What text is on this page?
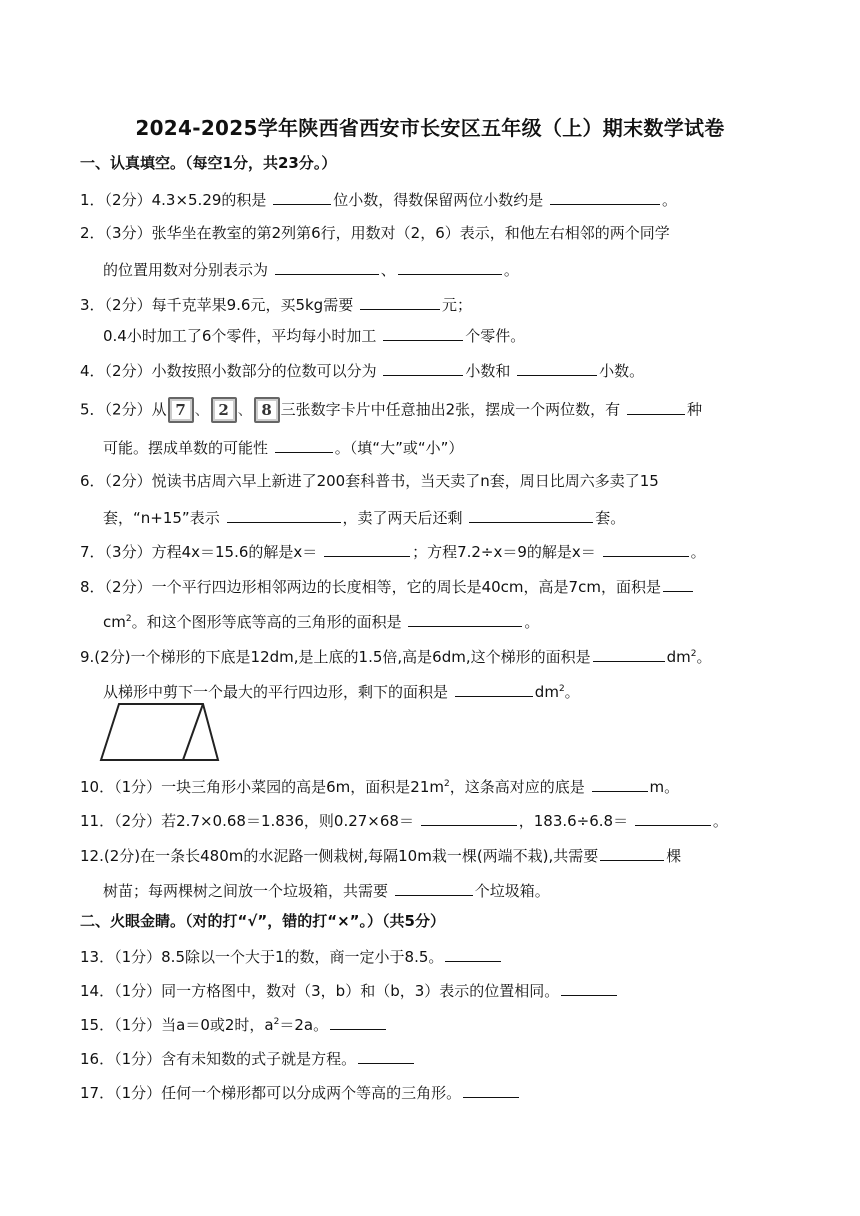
2024-2025学年陕西省西安市长安区五年级（上）期末数学试卷
一、认真填空。（每空1分，共23分。）
1．（2分）4.3×5.29的积是	位小数，得数保留两位小数约是	。
2．（3分）张华坐在教室的第2列第6行，用数对（2，6）表示，和他左右相邻的两个同学
的位置用数对分别表示为	、	。
3．（2分）每千克苹果9.6元，买5kg需要	元；
0.4小时加工了6个零件，平均每小时加工	个零件。
4．（2分）小数按照小数部分的位数可以分为	小数和	小数。
5．（2分）从 7 、 2 、 8 三张数字卡片中任意抽出2张，摆成一个两位数，有	种
可能。摆成单数的可能性	。（填“大”或“小”）
6．（2分）悦读书店周六早上新进了200套科普书，当天卖了n套，周日比周六多卖了15
套，“n+15”表示	，卖了两天后还剩	套。
7．（3分）方程4x＝15.6的解是x＝	；方程7.2÷x＝9的解是x＝	。
8．（2分）一个平行四边形相邻两边的长度相等，它的周长是40cm，高是7cm，面积是
$cm^2$。和这个图形等底等高的三角形的面积是	。
9.(2分)一个梯形的下底是12dm,是上底的1.5倍,高是6dm,这个梯形的面积是	$dm^2$。
从梯形中剪下一个最大的平行四边形，剩下的面积是	$dm^2$。
10．（1分）一块三角形小菜园的高是6m，面积是$21m^2$，这条高对应的底是	m。
11．（2分）若2.7×0.68＝1.836，则0.27×68＝	，183.6÷6.8＝	。
12.(2分)在一条长480m的水泥路一侧栽树,每隔10m栽一棵(两端不栽),共需要	棵
树苗；每两棵树之间放一个垃圾箱，共需要	个垃圾箱。
二、火眼金睛。（对的打“√”，错的打“×”。）（共5分）
13．（1分）8.5除以一个大于1的数，商一定小于8.5。
14．（1分）同一方格图中，数对（3，b）和（b，3）表示的位置相同。
15．（1分）当a＝0或2时，$a^2=2a$。
16．（1分）含有未知数的式子就是方程。
17．（1分）任何一个梯形都可以分成两个等高的三角形。
